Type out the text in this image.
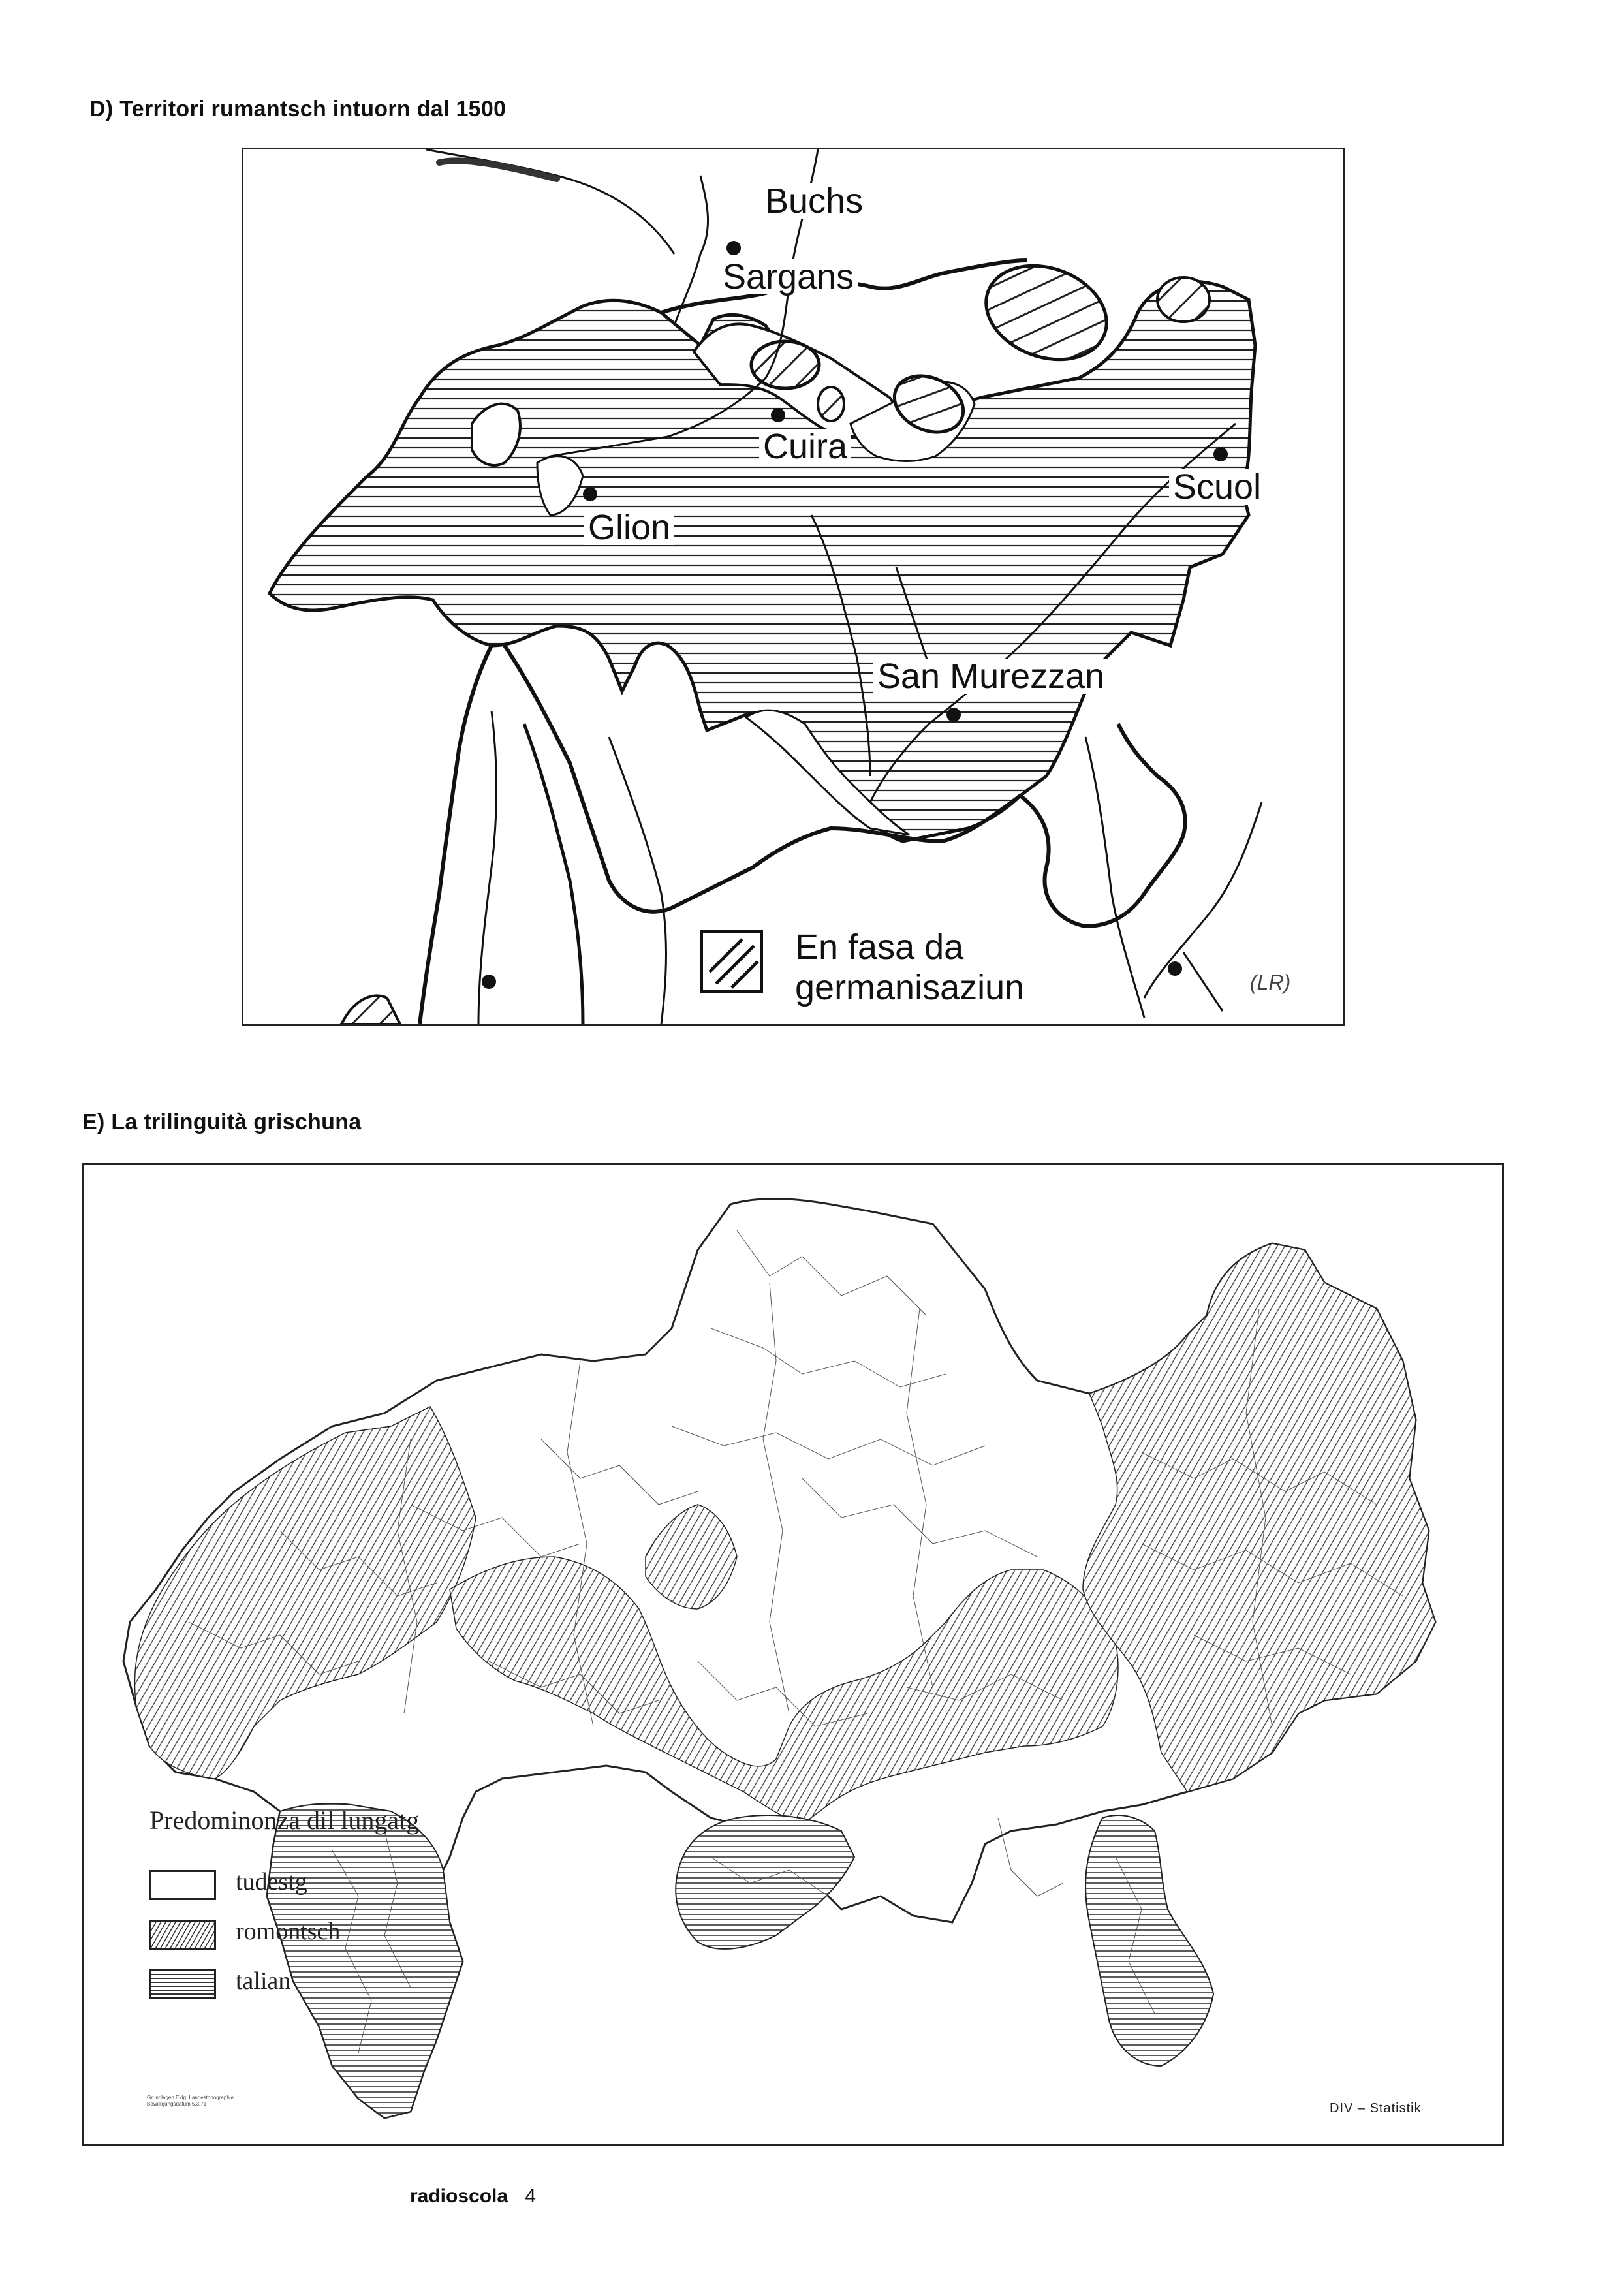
D) Territori rumantsch intuorn dal 1500
Buchs
Sargans
Cuira
Glion
Scuol
San Murezzan
En fasa da
germanisaziun	(LR)
E) La trilinguità grischuna
Predominonza dil lungatg
tudestg
romontsch
talian
Grundlagen Eidg. Landestopographie
Bewilligungsdatum 5.3.71	DIV – Statistik
radioscola 4
